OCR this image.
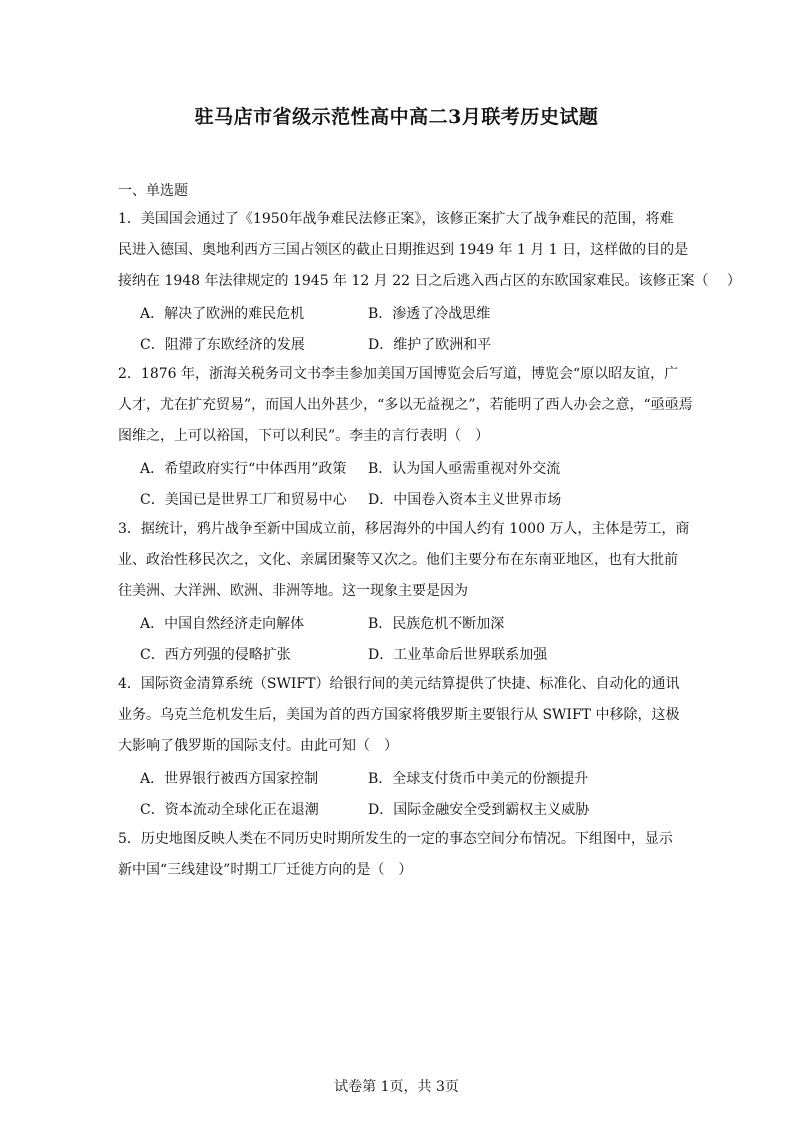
驻马店市省级示范性高中高二3月联考历史试题
一、单选题

1．美国国会通过了《1950年战争难民法修正案》，该修正案扩大了战争难民的范围，将难

民进入德国、奥地利西方三国占领区的截止日期推迟到 1949 年 1 月 1 日，这样做的目的是

接纳在 1948 年法律规定的 1945 年 12 月 22 日之后逃入西占区的东欧国家难民。该修正案（　 ）

A．解决了欧洲的难民危机	B．渗透了冷战思维
C．阻滞了东欧经济的发展	D．维护了欧洲和平

2．1876 年，浙海关税务司文书李圭参加美国万国博览会后写道，博览会“原以昭友谊，广

人才，尤在扩充贸易”，而国人出外甚少，“多以无益视之”，若能明了西人办会之意，“亟亟焉

图维之，上可以裕国，下可以利民”。李圭的言行表明（　）

A．希望政府实行“中体西用”政策	B．认为国人亟需重视对外交流
C．美国已是世界工厂和贸易中心	D．中国卷入资本主义世界市场

3．据统计，鸦片战争至新中国成立前，移居海外的中国人约有 1000 万人，主体是劳工，商

业、政治性移民次之，文化、亲属团聚等又次之。他们主要分布在东南亚地区，也有大批前

往美洲、大洋洲、欧洲、非洲等地。这一现象主要是因为

A．中国自然经济走向解体	B．民族危机不断加深
C．西方列强的侵略扩张	D．工业革命后世界联系加强

4．国际资金清算系统（SWIFT）给银行间的美元结算提供了快捷、标准化、自动化的通讯

业务。乌克兰危机发生后，美国为首的西方国家将俄罗斯主要银行从 SWIFT 中移除，这极

大影响了俄罗斯的国际支付。由此可知（　）

A．世界银行被西方国家控制	B．全球支付货币中美元的份额提升
C．资本流动全球化正在退潮	D．国际金融安全受到霸权主义威胁

5．历史地图反映人类在不同历史时期所发生的一定的事态空间分布情况。下组图中，显示

新中国“三线建设”时期工厂迁徙方向的是（　）

试卷第 1页，共 3页
